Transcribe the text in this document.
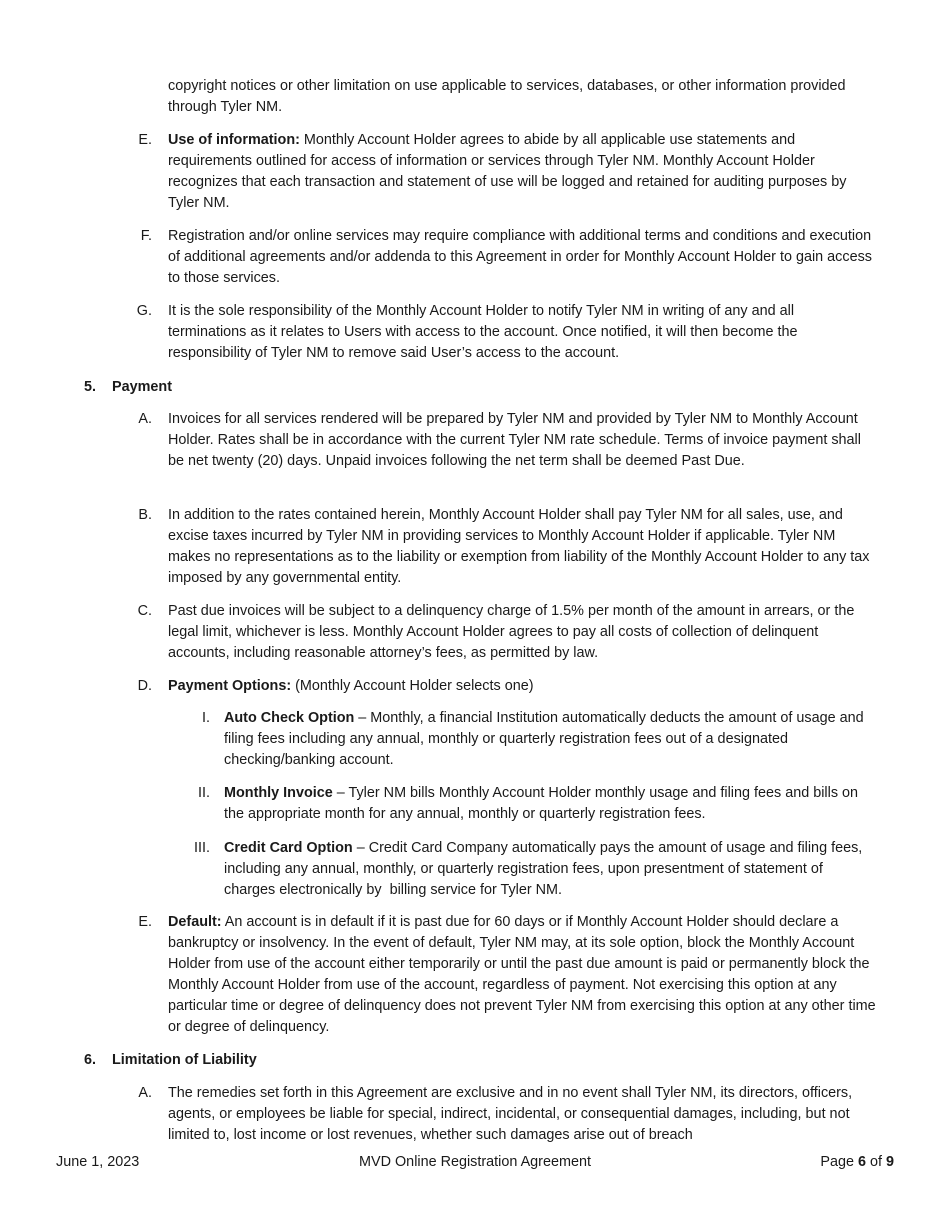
copyright notices or other limitation on use applicable to services, databases, or other information provided through Tyler NM.
E. Use of information: Monthly Account Holder agrees to abide by all applicable use statements and requirements outlined for access of information or services through Tyler NM. Monthly Account Holder recognizes that each transaction and statement of use will be logged and retained for auditing purposes by Tyler NM.
F. Registration and/or online services may require compliance with additional terms and conditions and execution of additional agreements and/or addenda to this Agreement in order for Monthly Account Holder to gain access to those services.
G. It is the sole responsibility of the Monthly Account Holder to notify Tyler NM in writing of any and all terminations as it relates to Users with access to the account. Once notified, it will then become the responsibility of Tyler NM to remove said User’s access to the account.
5. Payment
A. Invoices for all services rendered will be prepared by Tyler NM and provided by Tyler NM to Monthly Account Holder. Rates shall be in accordance with the current Tyler NM rate schedule. Terms of invoice payment shall be net twenty (20) days. Unpaid invoices following the net term shall be deemed Past Due.
B. In addition to the rates contained herein, Monthly Account Holder shall pay Tyler NM for all sales, use, and excise taxes incurred by Tyler NM in providing services to Monthly Account Holder if applicable. Tyler NM makes no representations as to the liability or exemption from liability of the Monthly Account Holder to any tax imposed by any governmental entity.
C. Past due invoices will be subject to a delinquency charge of 1.5% per month of the amount in arrears, or the legal limit, whichever is less. Monthly Account Holder agrees to pay all costs of collection of delinquent accounts, including reasonable attorney’s fees, as permitted by law.
D. Payment Options: (Monthly Account Holder selects one)
I. Auto Check Option – Monthly, a financial Institution automatically deducts the amount of usage and filing fees including any annual, monthly or quarterly registration fees out of a designated checking/banking account.
II. Monthly Invoice – Tyler NM bills Monthly Account Holder monthly usage and filing fees and bills on the appropriate month for any annual, monthly or quarterly registration fees.
III. Credit Card Option – Credit Card Company automatically pays the amount of usage and filing fees, including any annual, monthly, or quarterly registration fees, upon presentment of statement of charges electronically by  billing service for Tyler NM.
E. Default: An account is in default if it is past due for 60 days or if Monthly Account Holder should declare a bankruptcy or insolvency. In the event of default, Tyler NM may, at its sole option, block the Monthly Account Holder from use of the account either temporarily or until the past due amount is paid or permanently block the Monthly Account Holder from use of the account, regardless of payment. Not exercising this option at any particular time or degree of delinquency does not prevent Tyler NM from exercising this option at any other time or degree of delinquency.
6. Limitation of Liability
A. The remedies set forth in this Agreement are exclusive and in no event shall Tyler NM, its directors, officers, agents, or employees be liable for special, indirect, incidental, or consequential damages, including, but not limited to, lost income or lost revenues, whether such damages arise out of breach
June 1, 2023	MVD Online Registration Agreement	Page 6 of 9
